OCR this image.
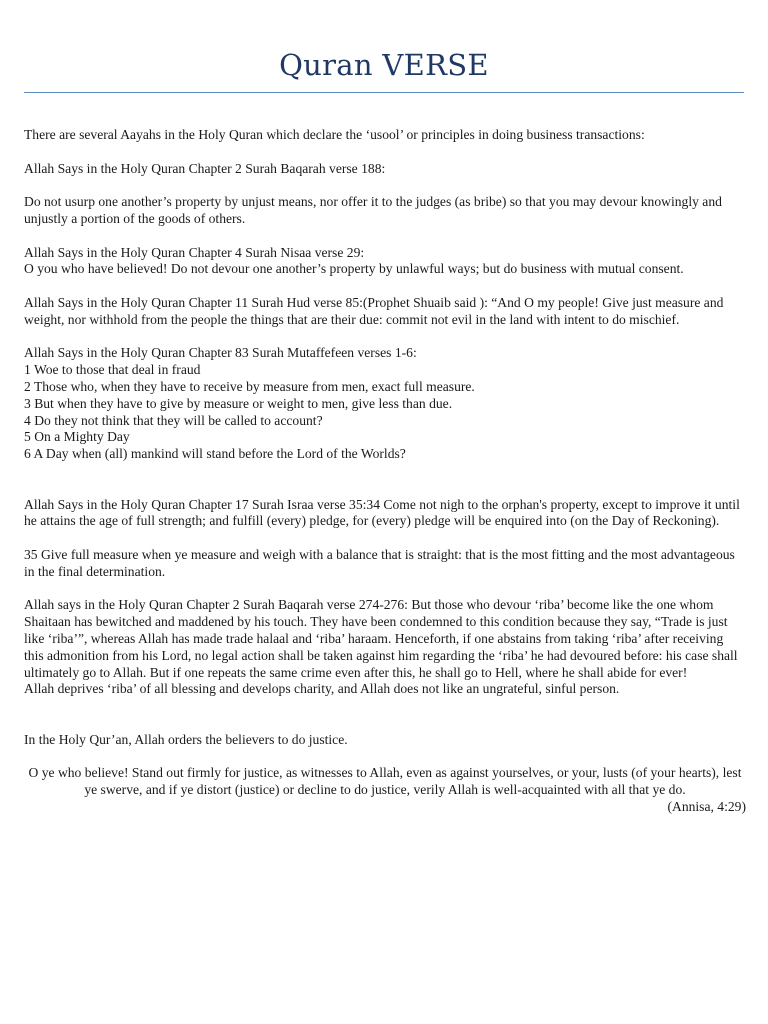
Quran VERSE

There are several Aayahs in the Holy Quran which declare the ‘usool’ or principles in doing business transactions:

Allah Says in the Holy Quran Chapter 2 Surah Baqarah verse 188:

Do not usurp one another’s property by unjust means, nor offer it to the judges (as bribe) so that you may devour knowingly and unjustly a portion of the goods of others.

Allah Says in the Holy Quran Chapter 4 Surah Nisaa verse 29:

O you who have believed! Do not devour one another’s property by unlawful ways; but do business with mutual consent.

Allah Says in the Holy Quran Chapter 11 Surah Hud verse 85:(Prophet Shuaib said ): “And O my people! Give just measure and weight, nor withhold from the people the things that are their due: commit not evil in the land with intent to do mischief.

Allah Says in the Holy Quran Chapter 83 Surah Mutaffefeen verses 1-6:

1 Woe to those that deal in fraud

2 Those who, when they have to receive by measure from men, exact full measure.

3 But when they have to give by measure or weight to men, give less than due.

4 Do they not think that they will be called to account?

5 On a Mighty Day

6 A Day when (all) mankind will stand before the Lord of the Worlds?

Allah Says in the Holy Quran Chapter 17 Surah Israa verse 35:34 Come not nigh to the orphan's property, except to improve it until he attains the age of full strength; and fulfill (every) pledge, for (every) pledge will be enquired into (on the Day of Reckoning).

35 Give full measure when ye measure and weigh with a balance that is straight: that is the most fitting and the most advantageous in the final determination.

Allah says in the Holy Quran Chapter 2 Surah Baqarah verse 274-276: But those who devour ‘riba’ become like the one whom Shaitaan has bewitched and maddened by his touch. They have been condemned to this condition because they say, “Trade is just like ‘riba’”, whereas Allah has made trade halaal and ‘riba’ haraam. Henceforth, if one abstains from taking ‘riba’ after receiving this admonition from his Lord, no legal action shall be taken against him regarding the ‘riba’ he had devoured before: his case shall ultimately go to Allah. But if one repeats the same crime even after this, he shall go to Hell, where he shall abide for ever!

Allah deprives ‘riba’ of all blessing and develops charity, and Allah does not like an ungrateful, sinful person.

In the Holy Qur’an, Allah orders the believers to do justice.

O ye who believe! Stand out firmly for justice, as witnesses to Allah, even as against yourselves, or your, lusts (of your hearts), lest ye swerve, and if ye distort (justice) or decline to do justice, verily Allah is well-acquainted with all that ye do.

(Annisa, 4:29)
